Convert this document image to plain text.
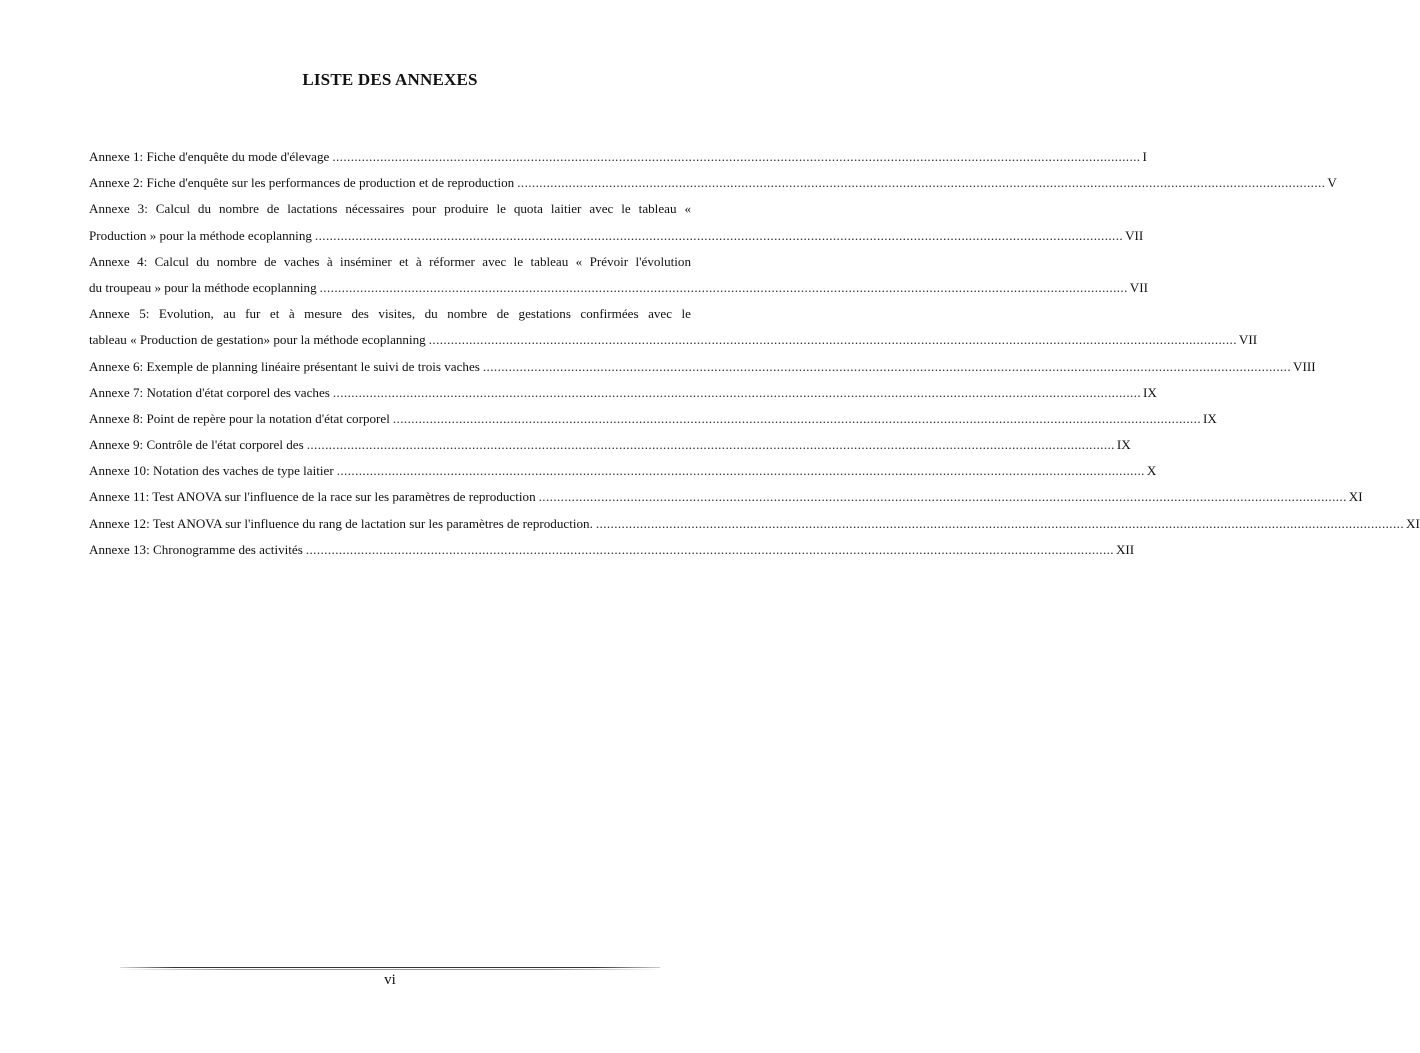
LISTE DES ANNEXES
Annexe 1: Fiche d'enquête du mode d'élevage ............................................................................................................................................................................................................................ I
Annexe 2: Fiche d'enquête sur les performances de production et de reproduction ............................................................................................................................................................................................................................ V
Annexe 3: Calcul du nombre de lactations nécessaires pour produire le quota laitier avec le tableau «
Production » pour la méthode ecoplanning ............................................................................................................................................................................................................................ VII
Annexe 4: Calcul du nombre de vaches à inséminer et à réformer avec le tableau « Prévoir l'évolution
du troupeau » pour la méthode ecoplanning ............................................................................................................................................................................................................................ VII
Annexe 5: Evolution, au fur et à mesure des visites, du nombre de gestations confirmées avec le
tableau « Production de gestation» pour la méthode ecoplanning ............................................................................................................................................................................................................................ VII
Annexe 6: Exemple de planning linéaire présentant le suivi de trois vaches ............................................................................................................................................................................................................................ VIII
Annexe 7: Notation d'état corporel des vaches ............................................................................................................................................................................................................................ IX
Annexe 8: Point de repère pour la notation d'état corporel ............................................................................................................................................................................................................................ IX
Annexe 9: Contrôle de l'état corporel des ............................................................................................................................................................................................................................ IX
Annexe 10: Notation des vaches de type laitier ............................................................................................................................................................................................................................ X
Annexe 11: Test ANOVA sur l'influence de la race sur les paramètres de reproduction ............................................................................................................................................................................................................................ XI
Annexe 12: Test ANOVA sur l'influence du rang de lactation sur les paramètres de reproduction. ............................................................................................................................................................................................................................ XI
Annexe 13: Chronogramme des activités ............................................................................................................................................................................................................................ XII
vi
